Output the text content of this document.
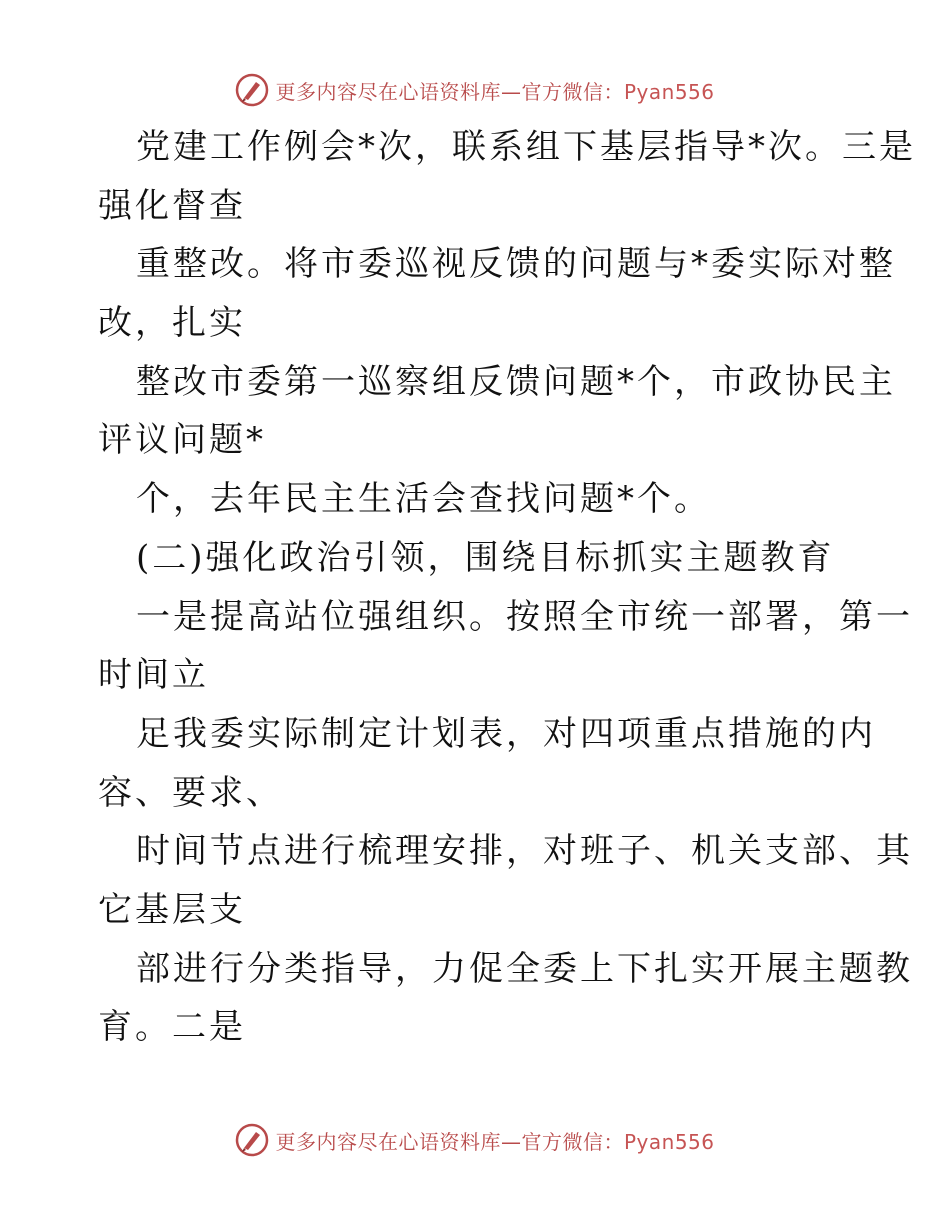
更多内容尽在心语资料库—官方微信：Pyan556
党建工作例会*次，联系组下基层指导*次。三是
强化督查
重整改。将市委巡视反馈的问题与*委实际对整
改，扎实
整改市委第一巡察组反馈问题*个，市政协民主
评议问题*
个，去年民主生活会查找问题*个。
(二)强化政治引领，围绕目标抓实主题教育
一是提高站位强组织。按照全市统一部署，第一
时间立
足我委实际制定计划表，对四项重点措施的内
容、要求、
时间节点进行梳理安排，对班子、机关支部、其
它基层支
部进行分类指导，力促全委上下扎实开展主题教
育。二是
更多内容尽在心语资料库—官方微信：Pyan556
